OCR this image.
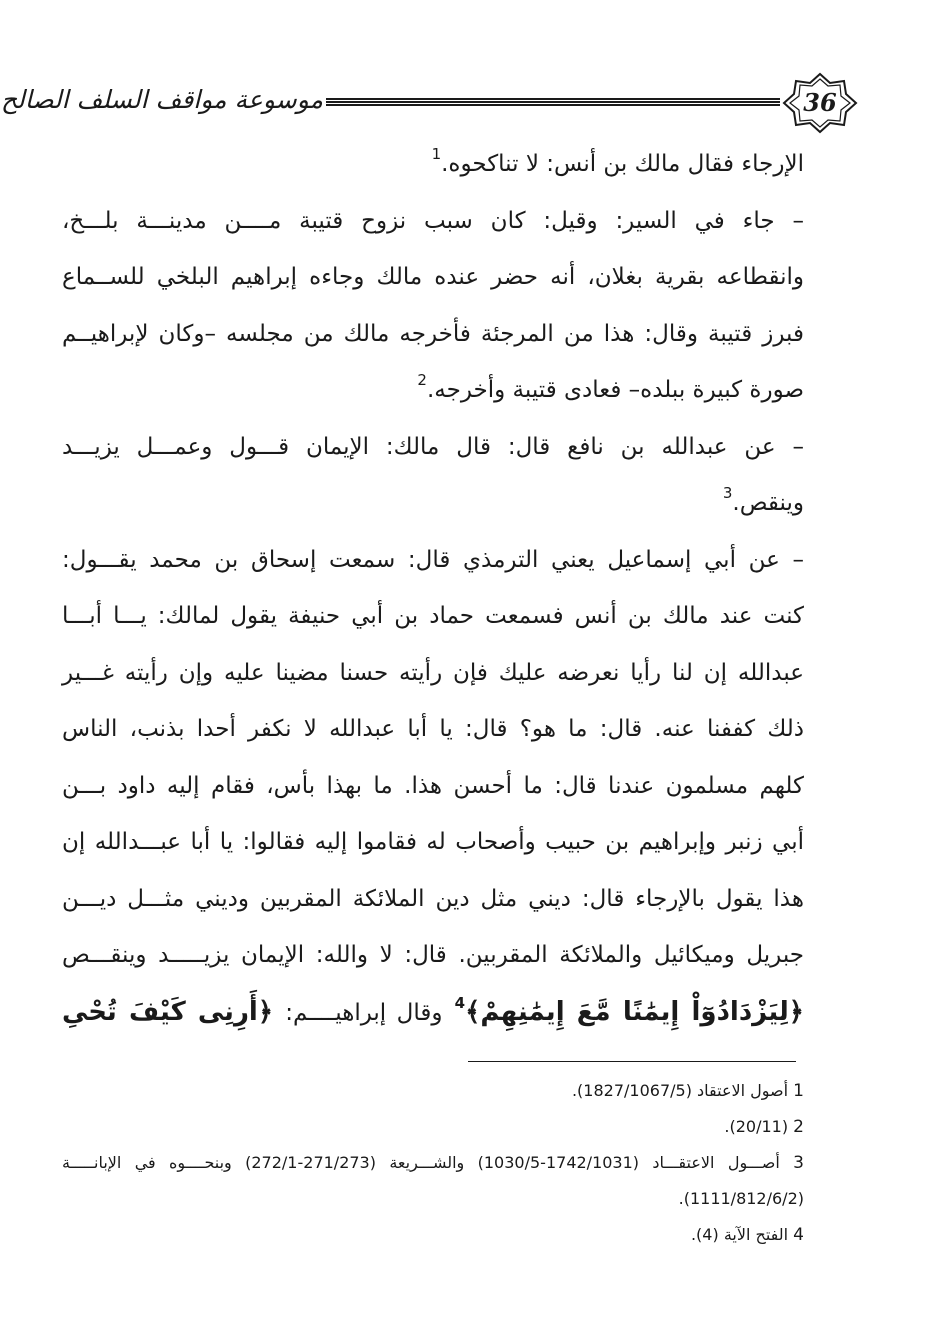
موسوعة مواقف السلف الصالح	36

الإرجاء فقال مالك بن أنس: لا تناكحوه.$^1$

– جاء في السير: وقيل: كان سبب نزوح قتيبة مــــن مدينـــة بلـــخ،

وانقطاعه بقرية بغلان، أنه حضر عنده مالك وجاءه إبراهيم البلخي للســماع

فبرز قتيبة وقال: هذا من المرجئة فأخرجه مالك من مجلسه –وكان لإبراهيــم

صورة كبيرة ببلده– فعادى قتيبة وأخرجه.$^2$

– عن عبدالله بن نافع قال: قال مالك: الإيمان قـــول وعمـــل يزيـــد

وينقص.$^3$

– عن أبي إسماعيل يعني الترمذي قال: سمعت إسحاق بن محمد يقـــول:

كنت عند مالك بن أنس فسمعت حماد بن أبي حنيفة يقول لمالك: يـــا أبـــا

عبدالله إن لنا رأيا نعرضه عليك فإن رأيته حسنا مضينا عليه وإن رأيته غـــير

ذلك كففنا عنه. قال: ما هو؟ قال: يا أبا عبدالله لا نكفر أحدا بذنب، الناس

كلهم مسلمون عندنا قال: ما أحسن هذا. ما بهذا بأس، فقام إليه داود بـــن

أبي زنبر وإبراهيم بن حبيب وأصحاب له فقاموا إليه فقالوا: يا أبا عبـــدالله إن

هذا يقول بالإرجاء قال: ديني مثل دين الملائكة المقربين وديني مثـــل ديـــن

جبريل وميكائيل والملائكة المقربين. قال: لا والله: الإيمان يزيـــــد وينقـــص

﴿لِيَزْدَادُوٓاْ إِيمَٰنًا مَّعَ إِيمَٰنِهِمْ﴾$^4$ وقال إبراهيــــم: ﴿أَرِنِى كَيْفَ تُحْىِ

1 أصول الاعتقاد (1827/1067/5).

2 (20/11).

3 أصـــول الاعتقـــاد (1742/1031-1030/5) والشـــريعة (271/273-272/1) وبنحــــوه في الإبانـــــة

(1111/812/6/2).

4 الفتح الآية (4).
